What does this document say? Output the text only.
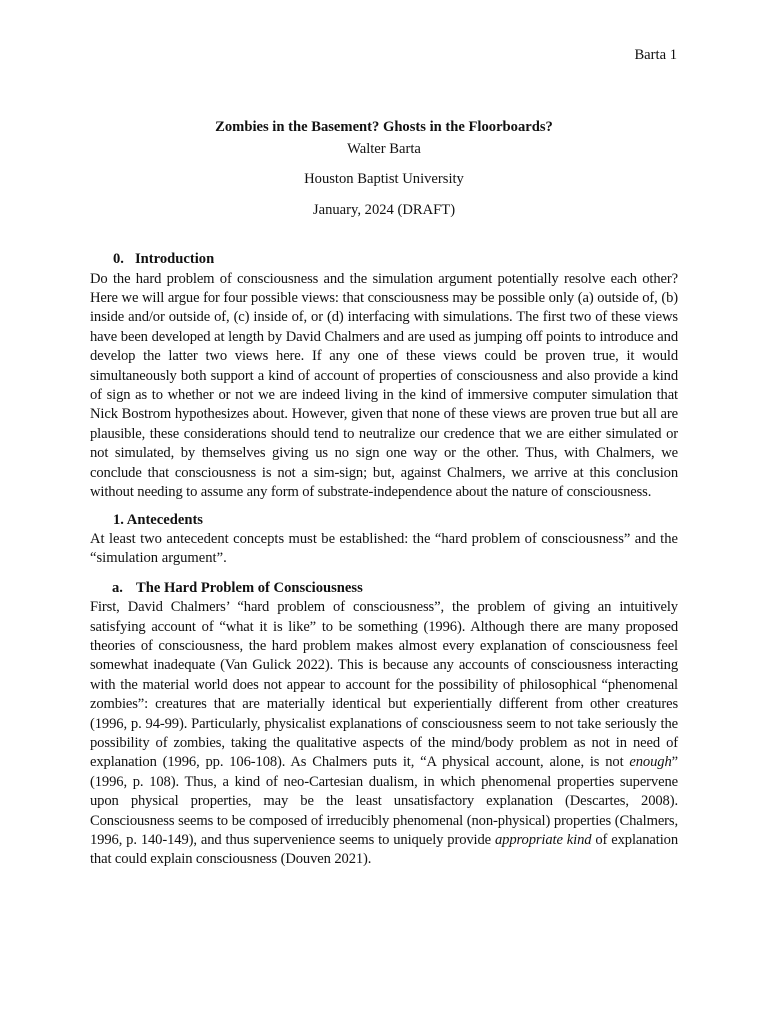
Barta 1

Zombies in the Basement? Ghosts in the Floorboards?

Walter Barta

Houston Baptist University

January, 2024 (DRAFT)

0. Introduction

Do the hard problem of consciousness and the simulation argument potentially resolve each other? Here we will argue for four possible views: that consciousness may be possible only (a) outside of, (b) inside and/or outside of, (c) inside of, or (d) interfacing with simulations. The first two of these views have been developed at length by David Chalmers and are used as jumping off points to introduce and develop the latter two views here. If any one of these views could be proven true, it would simultaneously both support a kind of account of properties of consciousness and also provide a kind of sign as to whether or not we are indeed living in the kind of immersive computer simulation that Nick Bostrom hypothesizes about. However, given that none of these views are proven true but all are plausible, these considerations should tend to neutralize our credence that we are either simulated or not simulated, by themselves giving us no sign one way or the other. Thus, with Chalmers, we conclude that consciousness is not a sim-sign; but, against Chalmers, we arrive at this conclusion without needing to assume any form of substrate-independence about the nature of consciousness.

1. Antecedents

At least two antecedent concepts must be established: the “hard problem of consciousness” and the “simulation argument”.

a. The Hard Problem of Consciousness

First, David Chalmers’ “hard problem of consciousness”, the problem of giving an intuitively satisfying account of “what it is like” to be something (1996). Although there are many proposed theories of consciousness, the hard problem makes almost every explanation of consciousness feel somewhat inadequate (Van Gulick 2022). This is because any accounts of consciousness interacting with the material world does not appear to account for the possibility of philosophical “phenomenal zombies”: creatures that are materially identical but experientially different from other creatures (1996, p. 94-99). Particularly, physicalist explanations of consciousness seem to not take seriously the possibility of zombies, taking the qualitative aspects of the mind/body problem as not in need of explanation (1996, pp. 106-108). As Chalmers puts it, “A physical account, alone, is not enough” (1996, p. 108). Thus, a kind of neo-Cartesian dualism, in which phenomenal properties supervene upon physical properties, may be the least unsatisfactory explanation (Descartes, 2008). Consciousness seems to be composed of irreducibly phenomenal (non-physical) properties (Chalmers, 1996, p. 140-149), and thus supervenience seems to uniquely provide appropriate kind of explanation that could explain consciousness (Douven 2021).
